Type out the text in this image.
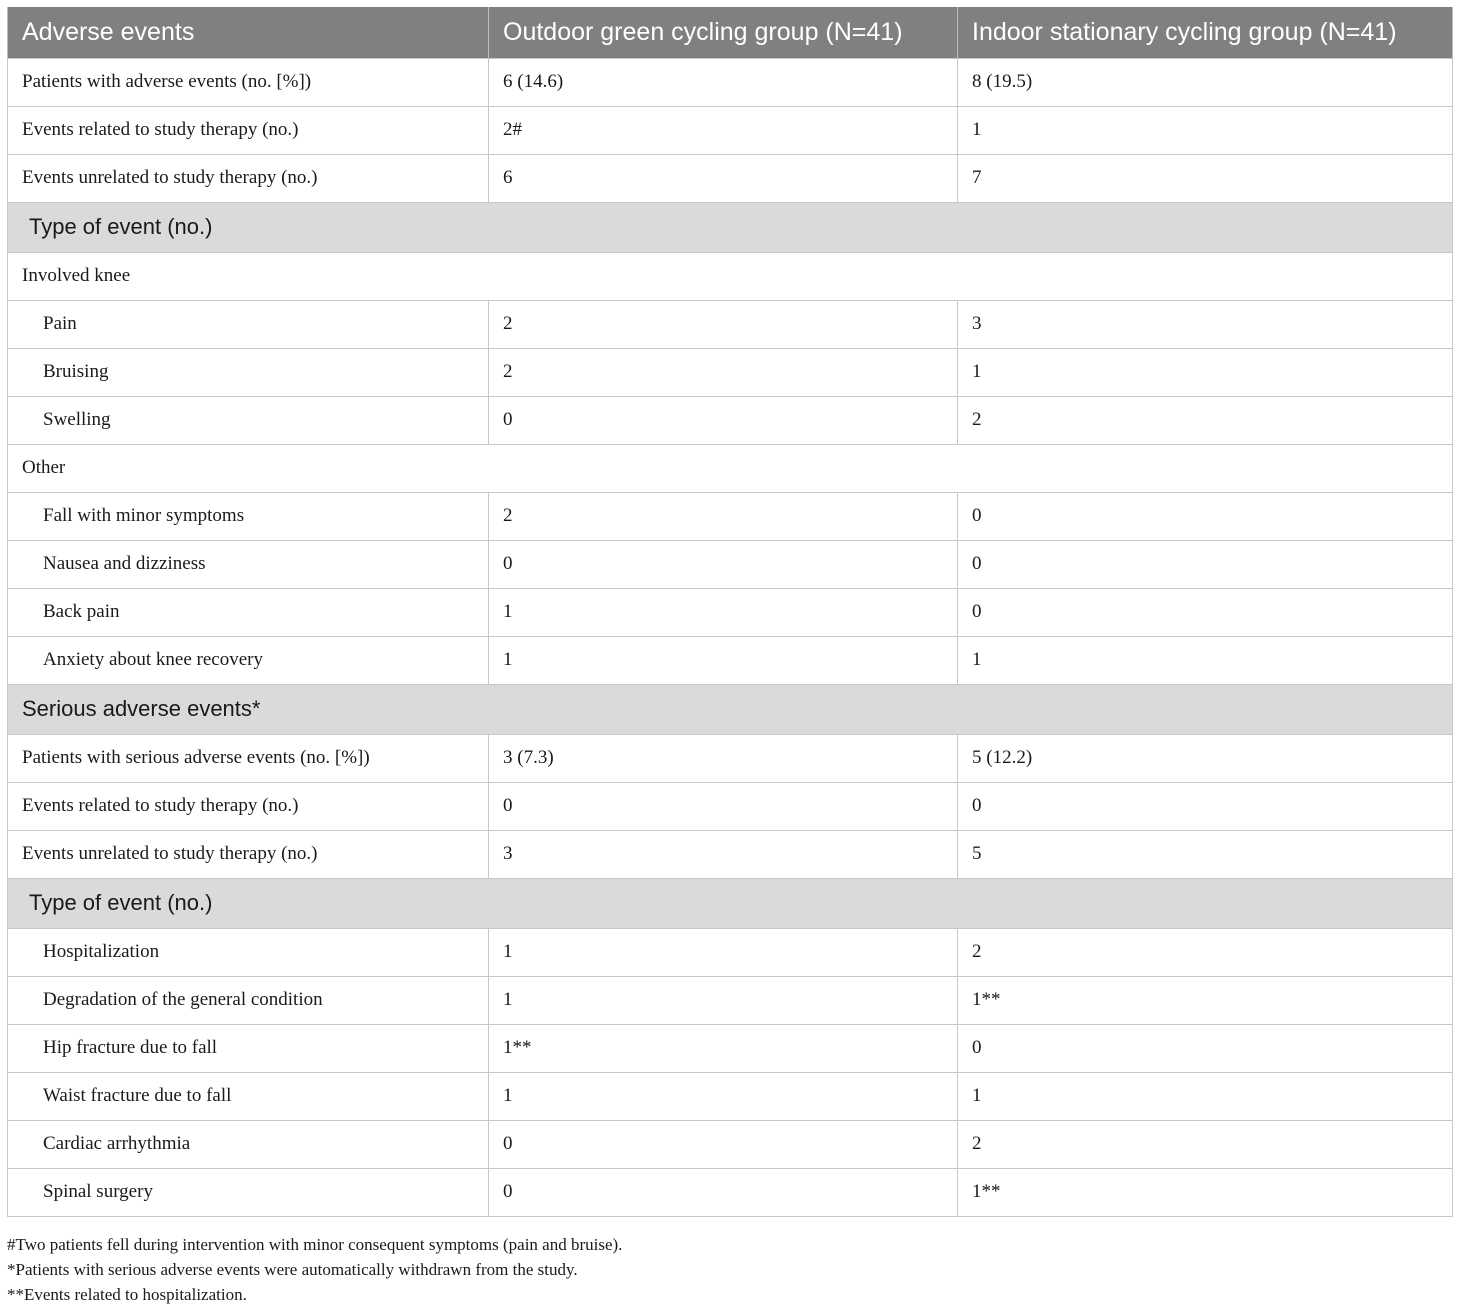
Adverse events	Outdoor green cycling group (N=41)	Indoor stationary cycling group (N=41)
Patients with adverse events (no. [%])	6 (14.6)	8 (19.5)
Events related to study therapy (no.)	2#	1
Events unrelated to study therapy (no.)	6	7
Type of event (no.)		
Involved knee		
Pain	2	3
Bruising	2	1
Swelling	0	2
Other		
Fall with minor symptoms	2	0
Nausea and dizziness	0	0
Back pain	1	0
Anxiety about knee recovery	1	1
Serious adverse events*		
Patients with serious adverse events (no. [%])	3 (7.3)	5 (12.2)
Events related to study therapy (no.)	0	0
Events unrelated to study therapy (no.)	3	5
Type of event (no.)		
Hospitalization	1	2
Degradation of the general condition	1	1**
Hip fracture due to fall	1**	0
Waist fracture due to fall	1	1
Cardiac arrhythmia	0	2
Spinal surgery	0	1**
#Two patients fell during intervention with minor consequent symptoms (pain and bruise).
*Patients with serious adverse events were automatically withdrawn from the study.
**Events related to hospitalization.
